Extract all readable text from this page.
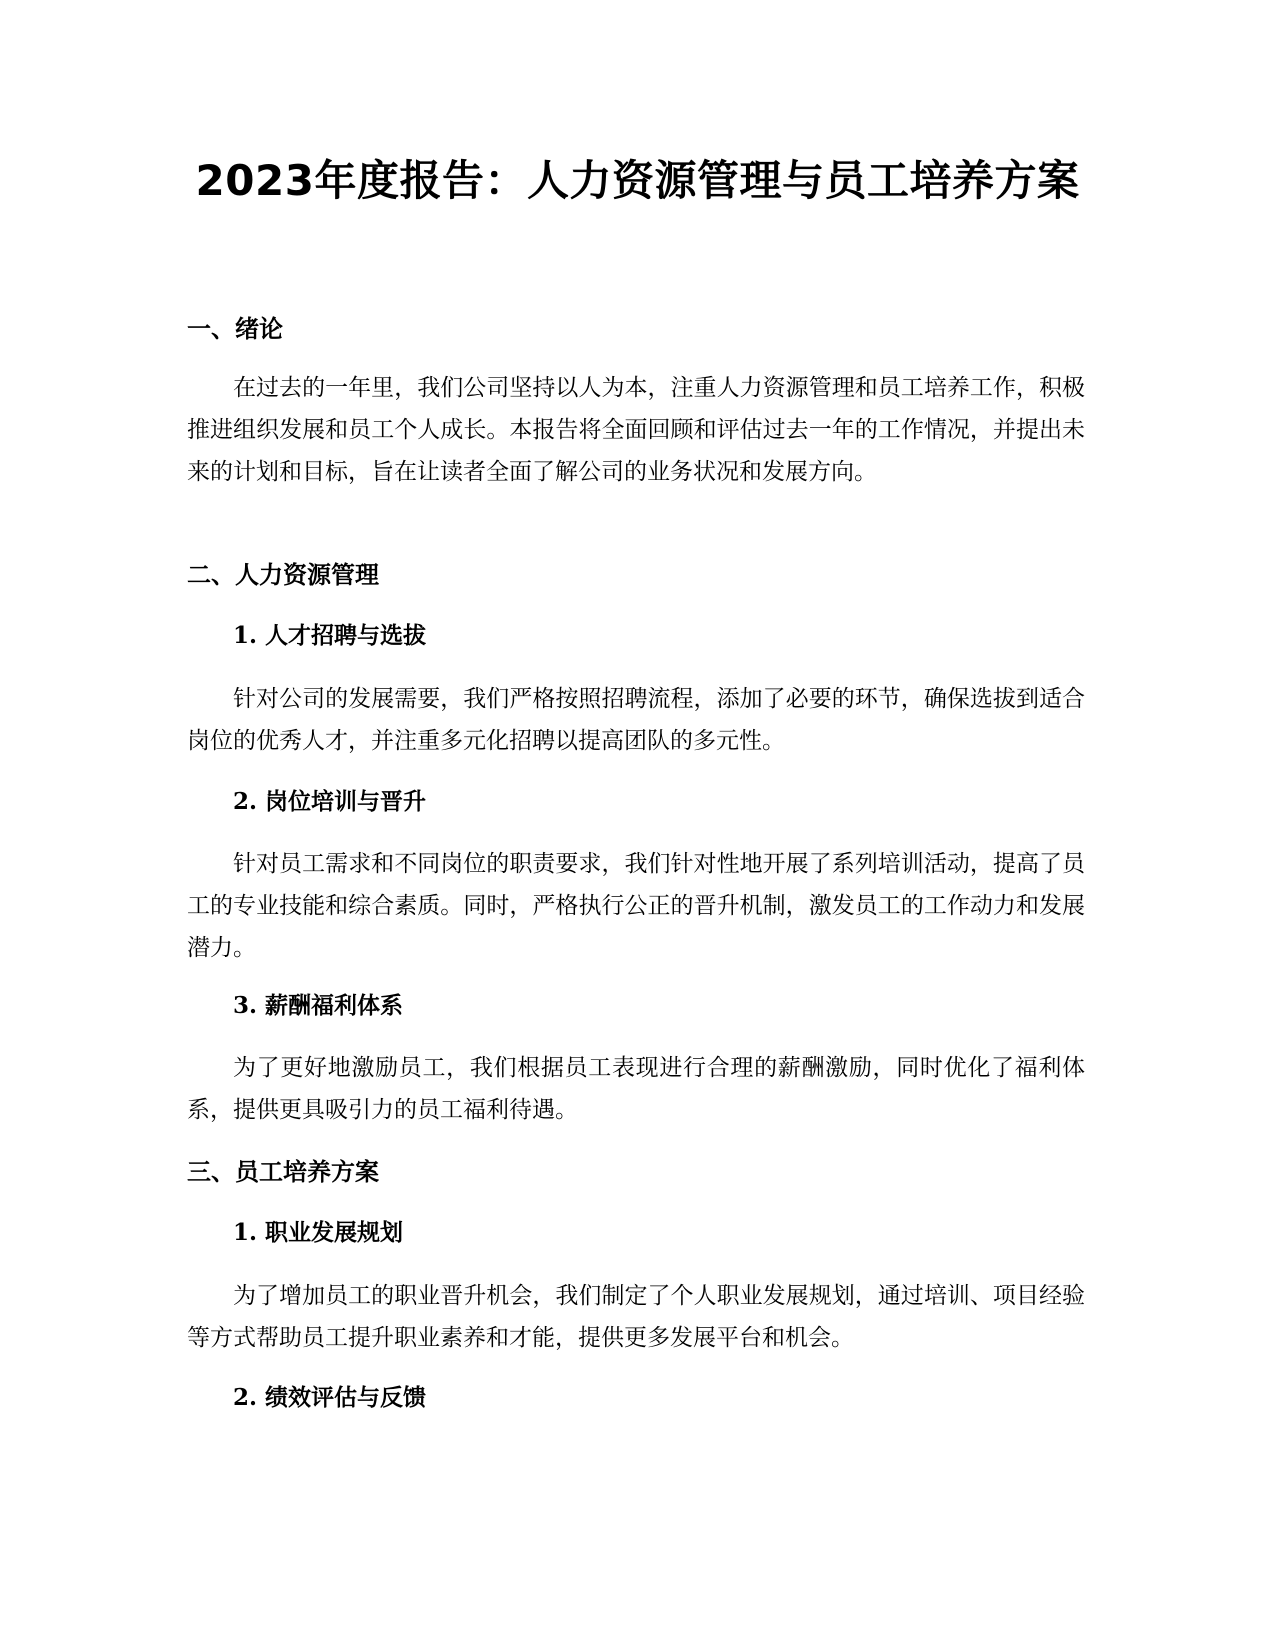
2023年度报告：人力资源管理与员工培养方案
一、绪论

在过去的一年里，我们公司坚持以人为本，注重人力资源管理和员工培养工作，积极推进组织发展和员工个人成长。本报告将全面回顾和评估过去一年的工作情况，并提出未来的计划和目标，旨在让读者全面了解公司的业务状况和发展方向。

二、人力资源管理
1. 人才招聘与选拔

针对公司的发展需要，我们严格按照招聘流程，添加了必要的环节，确保选拔到适合岗位的优秀人才，并注重多元化招聘以提高团队的多元性。

2. 岗位培训与晋升

针对员工需求和不同岗位的职责要求，我们针对性地开展了系列培训活动，提高了员工的专业技能和综合素质。同时，严格执行公正的晋升机制，激发员工的工作动力和发展潜力。

3. 薪酬福利体系

为了更好地激励员工，我们根据员工表现进行合理的薪酬激励，同时优化了福利体系，提供更具吸引力的员工福利待遇。

三、员工培养方案
1. 职业发展规划

为了增加员工的职业晋升机会，我们制定了个人职业发展规划，通过培训、项目经验等方式帮助员工提升职业素养和才能，提供更多发展平台和机会。

2. 绩效评估与反馈
